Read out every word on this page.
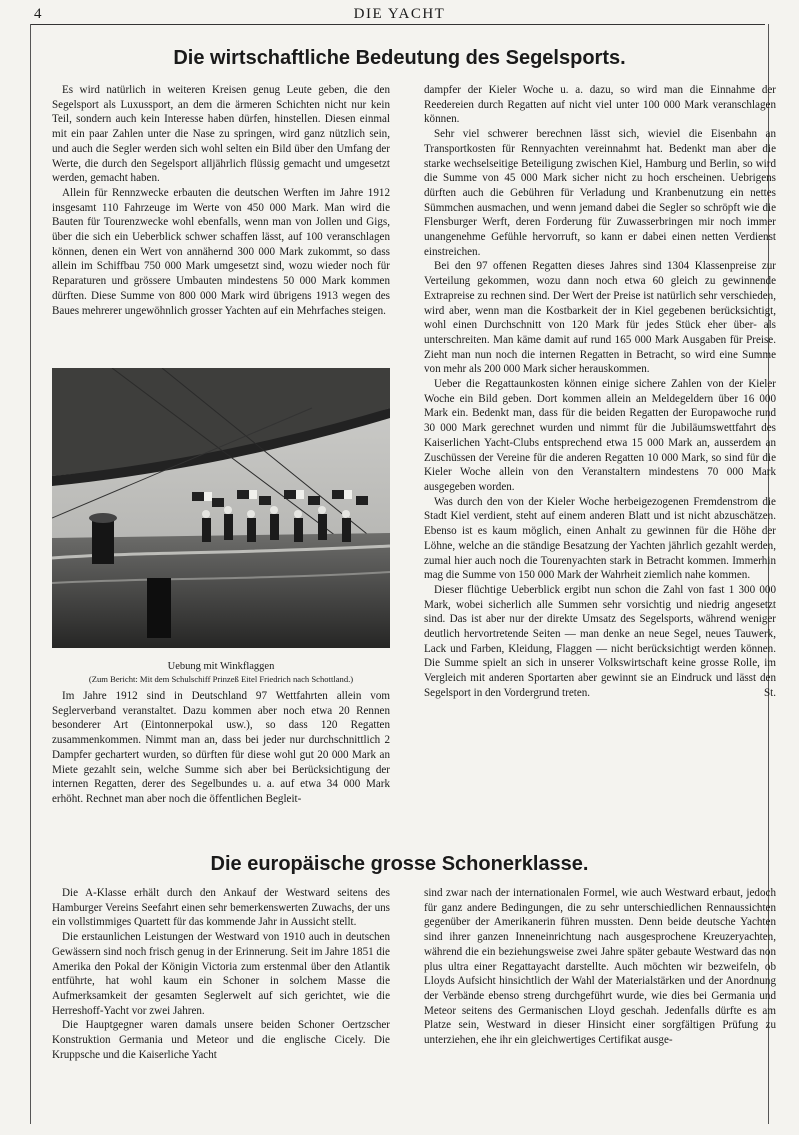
4	DIE YACHT
Die wirtschaftliche Bedeutung des Segelsports.

Es wird natürlich in weiteren Kreisen genug Leute geben, die den Segelsport als Luxussport, an dem die ärmeren Schichten nicht nur kein Teil, sondern auch kein Interesse haben dürfen, hinstellen. Diesen einmal mit ein paar Zahlen unter die Nase zu springen, wird ganz nützlich sein, und auch die Segler werden sich wohl selten ein Bild über den Umfang der Werte, die durch den Segelsport alljährlich flüssig gemacht und umgesetzt werden, gemacht haben.

Allein für Rennzwecke erbauten die deutschen Werften im Jahre 1912 insgesamt 110 Fahrzeuge im Werte von 450 000 Mark. Man wird die Bauten für Tourenzwecke wohl ebenfalls, wenn man von Jollen und Gigs, über die sich ein Ueberblick schwer schaffen lässt, auf 100 veranschlagen können, denen ein Wert von annähernd 300 000 Mark zukommt, so dass allein im Schiffbau 750 000 Mark umgesetzt sind, wozu wieder noch für Reparaturen und grössere Umbauten mindestens 50 000 Mark kommen dürften. Diese Summe von 800 000 Mark wird übrigens 1913 wegen des Baues mehrerer ungewöhnlich grosser Yachten auf ein Mehrfaches steigen.

Uebung mit Winkflaggen
(Zum Bericht: Mit dem Schulschiff Prinzeß Eitel Friedrich nach Schottland.)

Im Jahre 1912 sind in Deutschland 97 Wettfahrten allein vom Seglerverband veranstaltet. Dazu kommen aber noch etwa 20 Rennen besonderer Art (Eintonnerpokal usw.), so dass 120 Regatten zusammenkommen. Nimmt man an, dass bei jeder nur durchschnittlich 2 Dampfer gechartert wurden, so dürften für diese wohl gut 20 000 Mark an Miete gezahlt sein, welche Summe sich aber bei Berücksichtigung der internen Regatten, derer des Segelbundes u. a. auf etwa 34 000 Mark erhöht. Rechnet man aber noch die öffentlichen Begleit-

dampfer der Kieler Woche u. a. dazu, so wird man die Einnahme der Reedereien durch Regatten auf nicht viel unter 100 000 Mark veranschlagen können.

Sehr viel schwerer berechnen lässt sich, wieviel die Eisenbahn an Transportkosten für Rennyachten vereinnahmt hat. Bedenkt man aber die starke wechselseitige Beteiligung zwischen Kiel, Hamburg und Berlin, so wird die Summe von 45 000 Mark sicher nicht zu hoch erscheinen. Uebrigens dürften auch die Gebühren für Verladung und Kranbenutzung ein nettes Sümmchen ausmachen, und wenn jemand dabei die Segler so schröpft wie die Flensburger Werft, deren Forderung für Zuwasserbringen mir noch immer unangenehme Gefühle hervorruft, so kann er dabei einen netten Verdienst einstreichen.

Bei den 97 offenen Regatten dieses Jahres sind 1304 Klassenpreise zur Verteilung gekommen, wozu dann noch etwa 60 gleich zu gewinnende Extrapreise zu rechnen sind. Der Wert der Preise ist natürlich sehr verschieden, wird aber, wenn man die Kostbarkeit der in Kiel gegebenen berücksichtigt, wohl einen Durchschnitt von 120 Mark für jedes Stück eher über- als unterschreiten. Man käme damit auf rund 165 000 Mark Ausgaben für Preise. Zieht man nun noch die internen Regatten in Betracht, so wird eine Summe von mehr als 200 000 Mark sicher herauskommen.

Ueber die Regattaunkosten können einige sichere Zahlen von der Kieler Woche ein Bild geben. Dort kommen allein an Meldegeldern über 16 000 Mark ein. Bedenkt man, dass für die beiden Regatten der Europawoche rund 30 000 Mark gerechnet wurden und nimmt für die Jubiläumswettfahrt des Kaiserlichen Yacht-Clubs entsprechend etwa 15 000 Mark an, ausserdem an Zuschüssen der Vereine für die anderen Regatten 10 000 Mark, so sind für die Kieler Woche allein von den Veranstaltern mindestens 70 000 Mark ausgegeben worden.

Was durch den von der Kieler Woche herbeigezogenen Fremdenstrom die Stadt Kiel verdient, steht auf einem anderen Blatt und ist nicht abzuschätzen. Ebenso ist es kaum möglich, einen Anhalt zu gewinnen für die Höhe der Löhne, welche an die ständige Besatzung der Yachten jährlich gezahlt werden, zumal hier auch noch die Tourenyachten stark in Betracht kommen. Immerhin mag die Summe von 150 000 Mark der Wahrheit ziemlich nahe kommen.

Dieser flüchtige Ueberblick ergibt nun schon die Zahl von fast 1 300 000 Mark, wobei sicherlich alle Summen sehr vorsichtig und niedrig angesetzt sind. Das ist aber nur der direkte Umsatz des Segelsports, während weniger deutlich hervortretende Seiten — man denke an neue Segel, neues Tauwerk, Lack und Farben, Kleidung, Flaggen — nicht berücksichtigt werden können. Die Summe spielt an sich in unserer Volkswirtschaft keine grosse Rolle, im Vergleich mit anderen Sportarten aber gewinnt sie an Eindruck und lässt den Segelsport in den Vordergrund treten.	St.

Die europäische grosse Schonerklasse.

Die A-Klasse erhält durch den Ankauf der Westward seitens des Hamburger Vereins Seefahrt einen sehr bemerkenswerten Zuwachs, der uns ein vollstimmiges Quartett für das kommende Jahr in Aussicht stellt.

Die erstaunlichen Leistungen der Westward von 1910 auch in deutschen Gewässern sind noch frisch genug in der Erinnerung. Seit im Jahre 1851 die Amerika den Pokal der Königin Victoria zum erstenmal über den Atlantik entführte, hat wohl kaum ein Schoner in solchem Masse die Aufmerksamkeit der gesamten Seglerwelt auf sich gerichtet, wie die Herreshoff-Yacht vor zwei Jahren.

Die Hauptgegner waren damals unsere beiden Schoner Oertzscher Konstruktion Germania und Meteor und die englische Cicely. Die Kruppsche und die Kaiserliche Yacht

sind zwar nach der internationalen Formel, wie auch Westward erbaut, jedoch für ganz andere Bedingungen, die zu sehr unterschiedlichen Rennaussichten gegenüber der Amerikanerin führen mussten. Denn beide deutsche Yachten sind ihrer ganzen Inneneinrichtung nach ausgesprochene Kreuzeryachten, während die ein beziehungsweise zwei Jahre später gebaute Westward das non plus ultra einer Regattayacht darstellte. Auch möchten wir bezweifeln, ob Lloyds Aufsicht hinsichtlich der Wahl der Materialstärken und der Anordnung der Verbände ebenso streng durchgeführt wurde, wie dies bei Germania und Meteor seitens des Germanischen Lloyd geschah. Jedenfalls dürfte es am Platze sein, Westward in dieser Hinsicht einer sorgfältigen Prüfung zu unterziehen, ehe ihr ein gleichwertiges Certifikat ausge-
